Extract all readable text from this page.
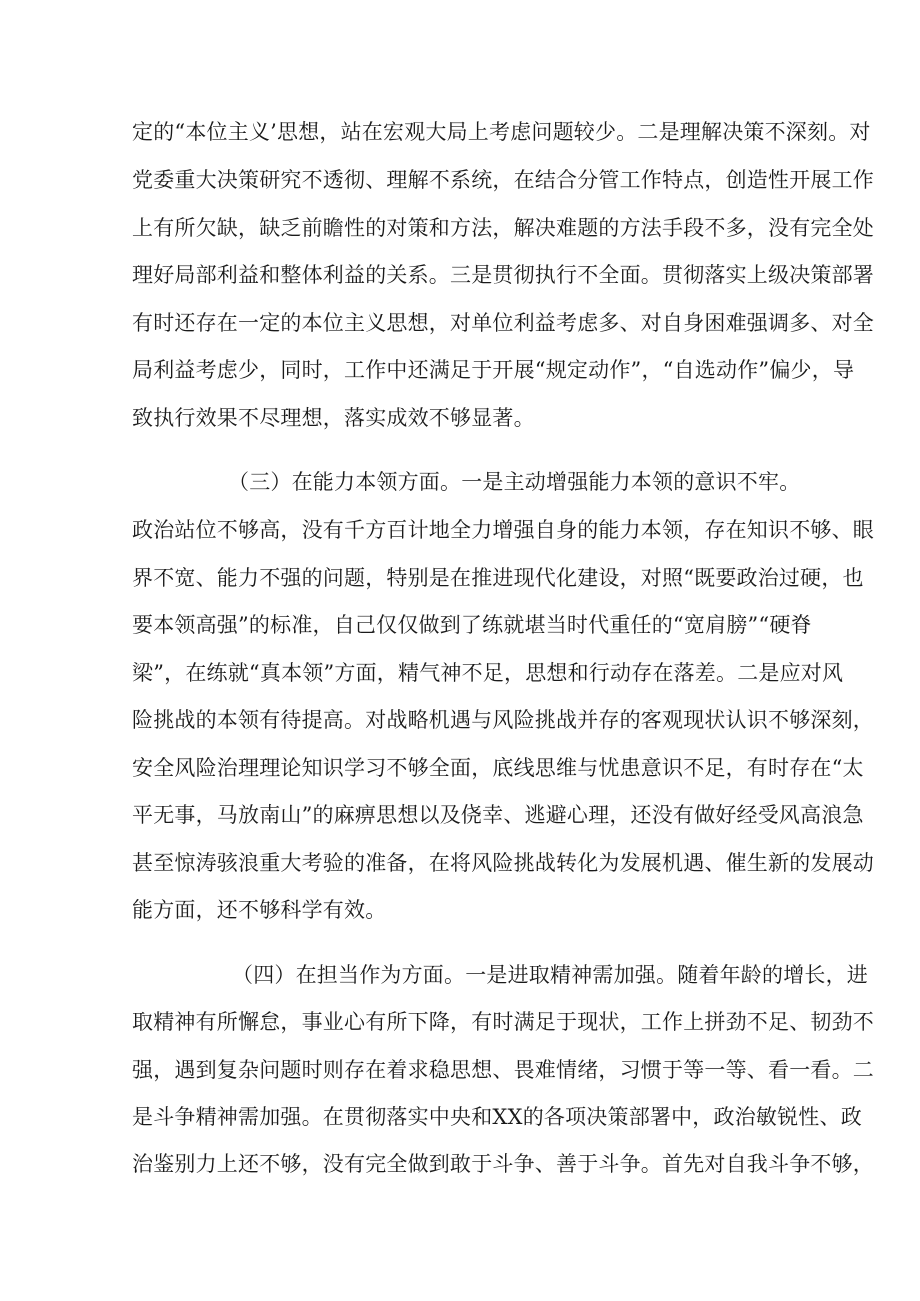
定的“本位主义’思想，站在宏观大局上考虑问题较少。二是理解决策不深刻。对
党委重大决策研究不透彻、理解不系统，在结合分管工作特点，创造性开展工作
上有所欠缺，缺乏前瞻性的对策和方法，解决难题的方法手段不多，没有完全处
理好局部利益和整体利益的关系。三是贯彻执行不全面。贯彻落实上级决策部署
有时还存在一定的本位主义思想，对单位利益考虑多、对自身困难强调多、对全
局利益考虑少，同时，工作中还满足于开展“规定动作”，“自选动作”偏少，导
致执行效果不尽理想，落实成效不够显著。
（三）在能力本领方面。一是主动增强能力本领的意识不牢。
政治站位不够高，没有千方百计地全力增强自身的能力本领，存在知识不够、眼
界不宽、能力不强的问题，特别是在推进现代化建设，对照“既要政治过硬，也
要本领高强”的标准，自己仅仅做到了练就堪当时代重任的“宽肩膀”“硬脊
梁”，在练就“真本领”方面，精气神不足，思想和行动存在落差。二是应对风
险挑战的本领有待提高。对战略机遇与风险挑战并存的客观现状认识不够深刻，
安全风险治理理论知识学习不够全面，底线思维与忧患意识不足，有时存在“太
平无事，马放南山”的麻痹思想以及侥幸、逃避心理，还没有做好经受风高浪急
甚至惊涛骇浪重大考验的准备，在将风险挑战转化为发展机遇、催生新的发展动
能方面，还不够科学有效。
（四）在担当作为方面。一是进取精神需加强。随着年龄的增长，进
取精神有所懈怠，事业心有所下降，有时满足于现状，工作上拼劲不足、韧劲不
强，遇到复杂问题时则存在着求稳思想、畏难情绪，习惯于等一等、看一看。二
是斗争精神需加强。在贯彻落实中央和XX的各项决策部署中，政治敏锐性、政
治鉴别力上还不够，没有完全做到敢于斗争、善于斗争。首先对自我斗争不够，
